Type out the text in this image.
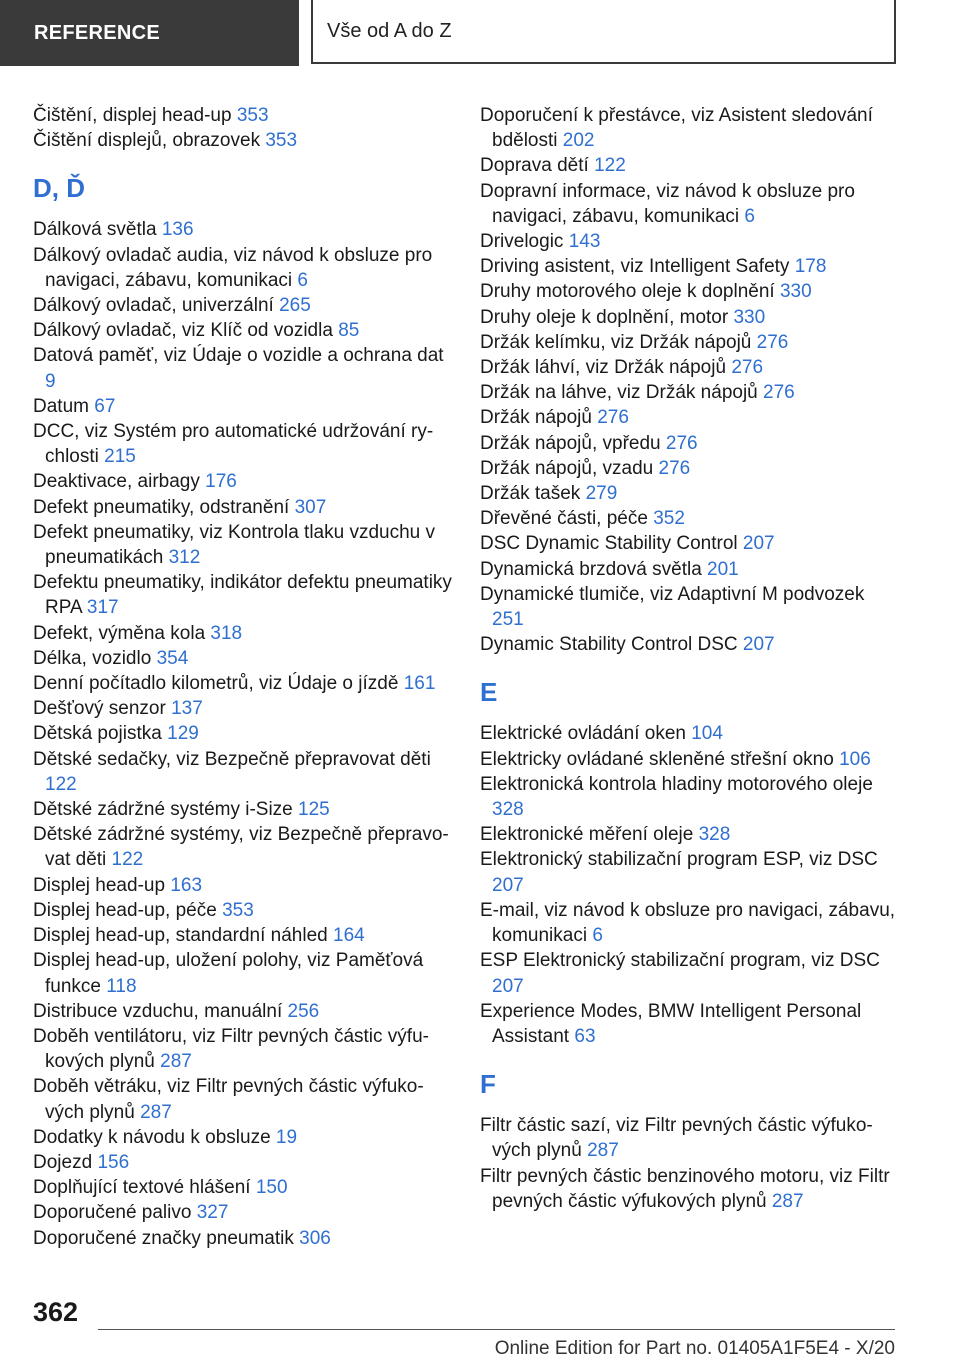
REFERENCE	Vše od A do Z
Čištění, displej head-up 353
Čištění displejů, obrazovek 353
D, Ď
Dálková světla 136
Dálkový ovladač audia, viz návod k obsluze pro navigaci, zábavu, komunikaci 6
Dálkový ovladač, univerzální 265
Dálkový ovladač, viz Klíč od vozidla 85
Datová paměť, viz Údaje o vozidle a ochrana dat 9
Datum 67
DCC, viz Systém pro automatické udržování rychlosti 215
Deaktivace, airbagy 176
Defekt pneumatiky, odstranění 307
Defekt pneumatiky, viz Kontrola tlaku vzduchu v pneumatikách 312
Defektu pneumatiky, indikátor defektu pneumatiky RPA 317
Defekt, výměna kola 318
Délka, vozidlo 354
Denní počítadlo kilometrů, viz Údaje o jízdě 161
Dešťový senzor 137
Dětská pojistka 129
Dětské sedačky, viz Bezpečně přepravovat děti 122
Dětské zádržné systémy i-Size 125
Dětské zádržné systémy, viz Bezpečně přepravovat děti 122
Displej head-up 163
Displej head-up, péče 353
Displej head-up, standardní náhled 164
Displej head-up, uložení polohy, viz Paměťová funkce 118
Distribuce vzduchu, manuální 256
Doběh ventilátoru, viz Filtr pevných částic výfukových plynů 287
Doběh větráku, viz Filtr pevných částic výfukových plynů 287
Dodatky k návodu k obsluze 19
Dojezd 156
Doplňující textové hlášení 150
Doporučené palivo 327
Doporučené značky pneumatik 306
Doporučení k přestávce, viz Asistent sledování bdělosti 202
Doprava dětí 122
Dopravní informace, viz návod k obsluze pro navigaci, zábavu, komunikaci 6
Drivelogic 143
Driving asistent, viz Intelligent Safety 178
Druhy motorového oleje k doplnění 330
Druhy oleje k doplnění, motor 330
Držák kelímku, viz Držák nápojů 276
Držák láhví, viz Držák nápojů 276
Držák na láhve, viz Držák nápojů 276
Držák nápojů 276
Držák nápojů, vpředu 276
Držák nápojů, vzadu 276
Držák tašek 279
Dřevěné části, péče 352
DSC Dynamic Stability Control 207
Dynamická brzdová světla 201
Dynamické tlumiče, viz Adaptivní M podvozek 251
Dynamic Stability Control DSC 207
E
Elektrické ovládání oken 104
Elektricky ovládané skleněné střešní okno 106
Elektronická kontrola hladiny motorového oleje 328
Elektronické měření oleje 328
Elektronický stabilizační program ESP, viz DSC 207
E-mail, viz návod k obsluze pro navigaci, zábavu, komunikaci 6
ESP Elektronický stabilizační program, viz DSC 207
Experience Modes, BMW Intelligent Personal Assistant 63
F
Filtr částic sazí, viz Filtr pevných částic výfukových plynů 287
Filtr pevných částic benzinového motoru, viz Filtr pevných částic výfukových plynů 287
362
Online Edition for Part no. 01405A1F5E4 - X/20
